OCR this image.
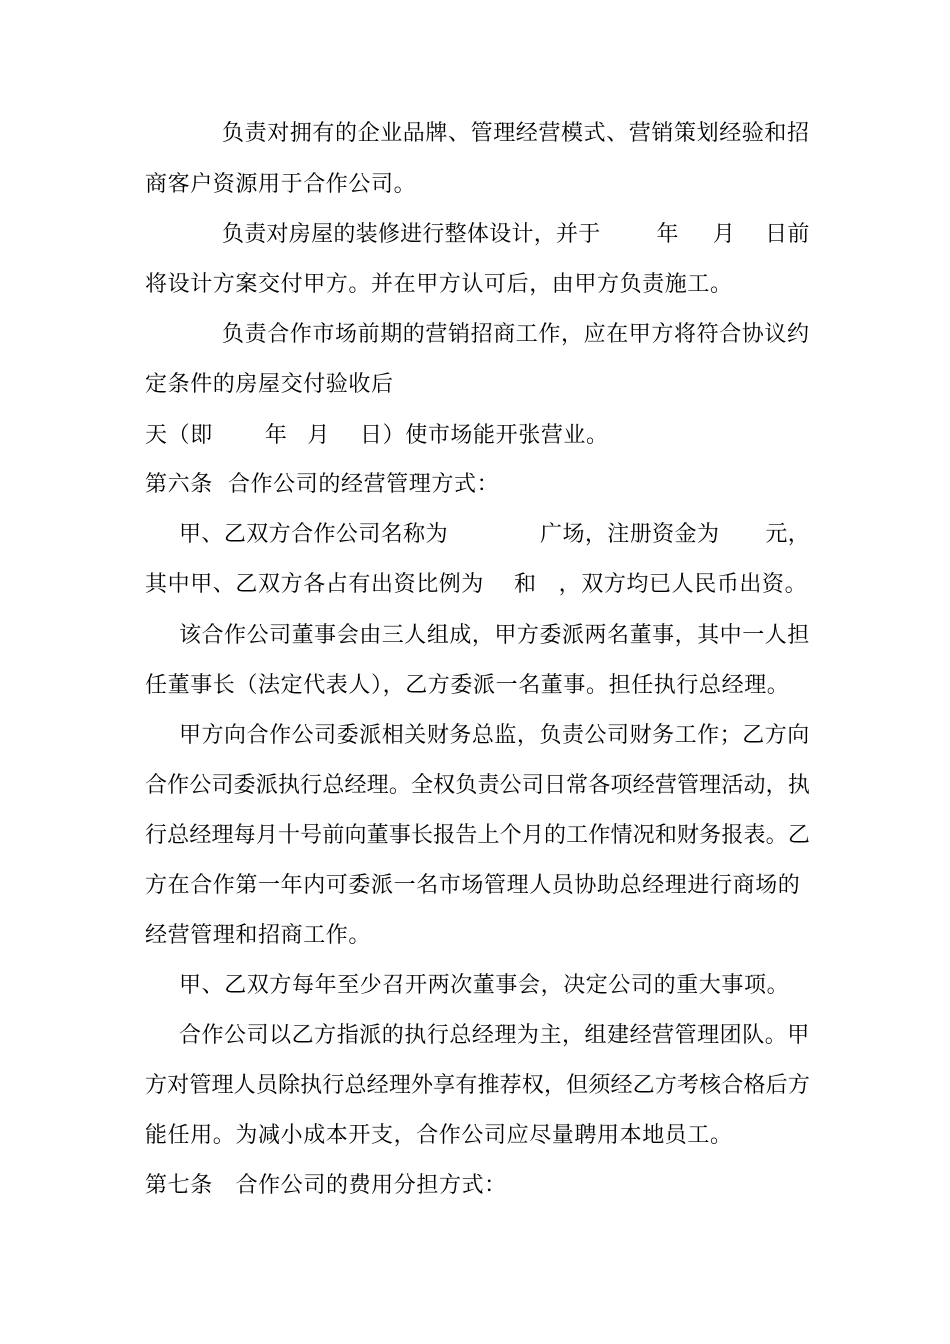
负责对拥有的企业品牌、管理经营模式、营销策划经验和招
商客户资源用于合作公司。
负责对房屋的装修进行整体设计，并于	年 月 日前
将设计方案交付甲方。并在甲方认可后，由甲方负责施工。
负责合作市场前期的营销招商工作，应在甲方将符合协议约
定条件的房屋交付验收后
天（即 年 月 日）使市场能开张营业。
第六条  合作公司的经营管理方式：
甲、乙双方合作公司名称为	广场，注册资金为 元，
其中甲、乙双方各占有出资比例为 和 ，双方均已人民币出资。
该合作公司董事会由三人组成，甲方委派两名董事，其中一人担
任董事长（法定代表人），乙方委派一名董事。担任执行总经理。
甲方向合作公司委派相关财务总监，负责公司财务工作；乙方向
合作公司委派执行总经理。全权负责公司日常各项经营管理活动，执
行总经理每月十号前向董事长报告上个月的工作情况和财务报表。乙
方在合作第一年内可委派一名市场管理人员协助总经理进行商场的
经营管理和招商工作。
甲、乙双方每年至少召开两次董事会，决定公司的重大事项。
合作公司以乙方指派的执行总经理为主，组建经营管理团队。甲
方对管理人员除执行总经理外享有推荐权，但须经乙方考核合格后方
能任用。为减小成本开支，合作公司应尽量聘用本地员工。
第七条   合作公司的费用分担方式：
